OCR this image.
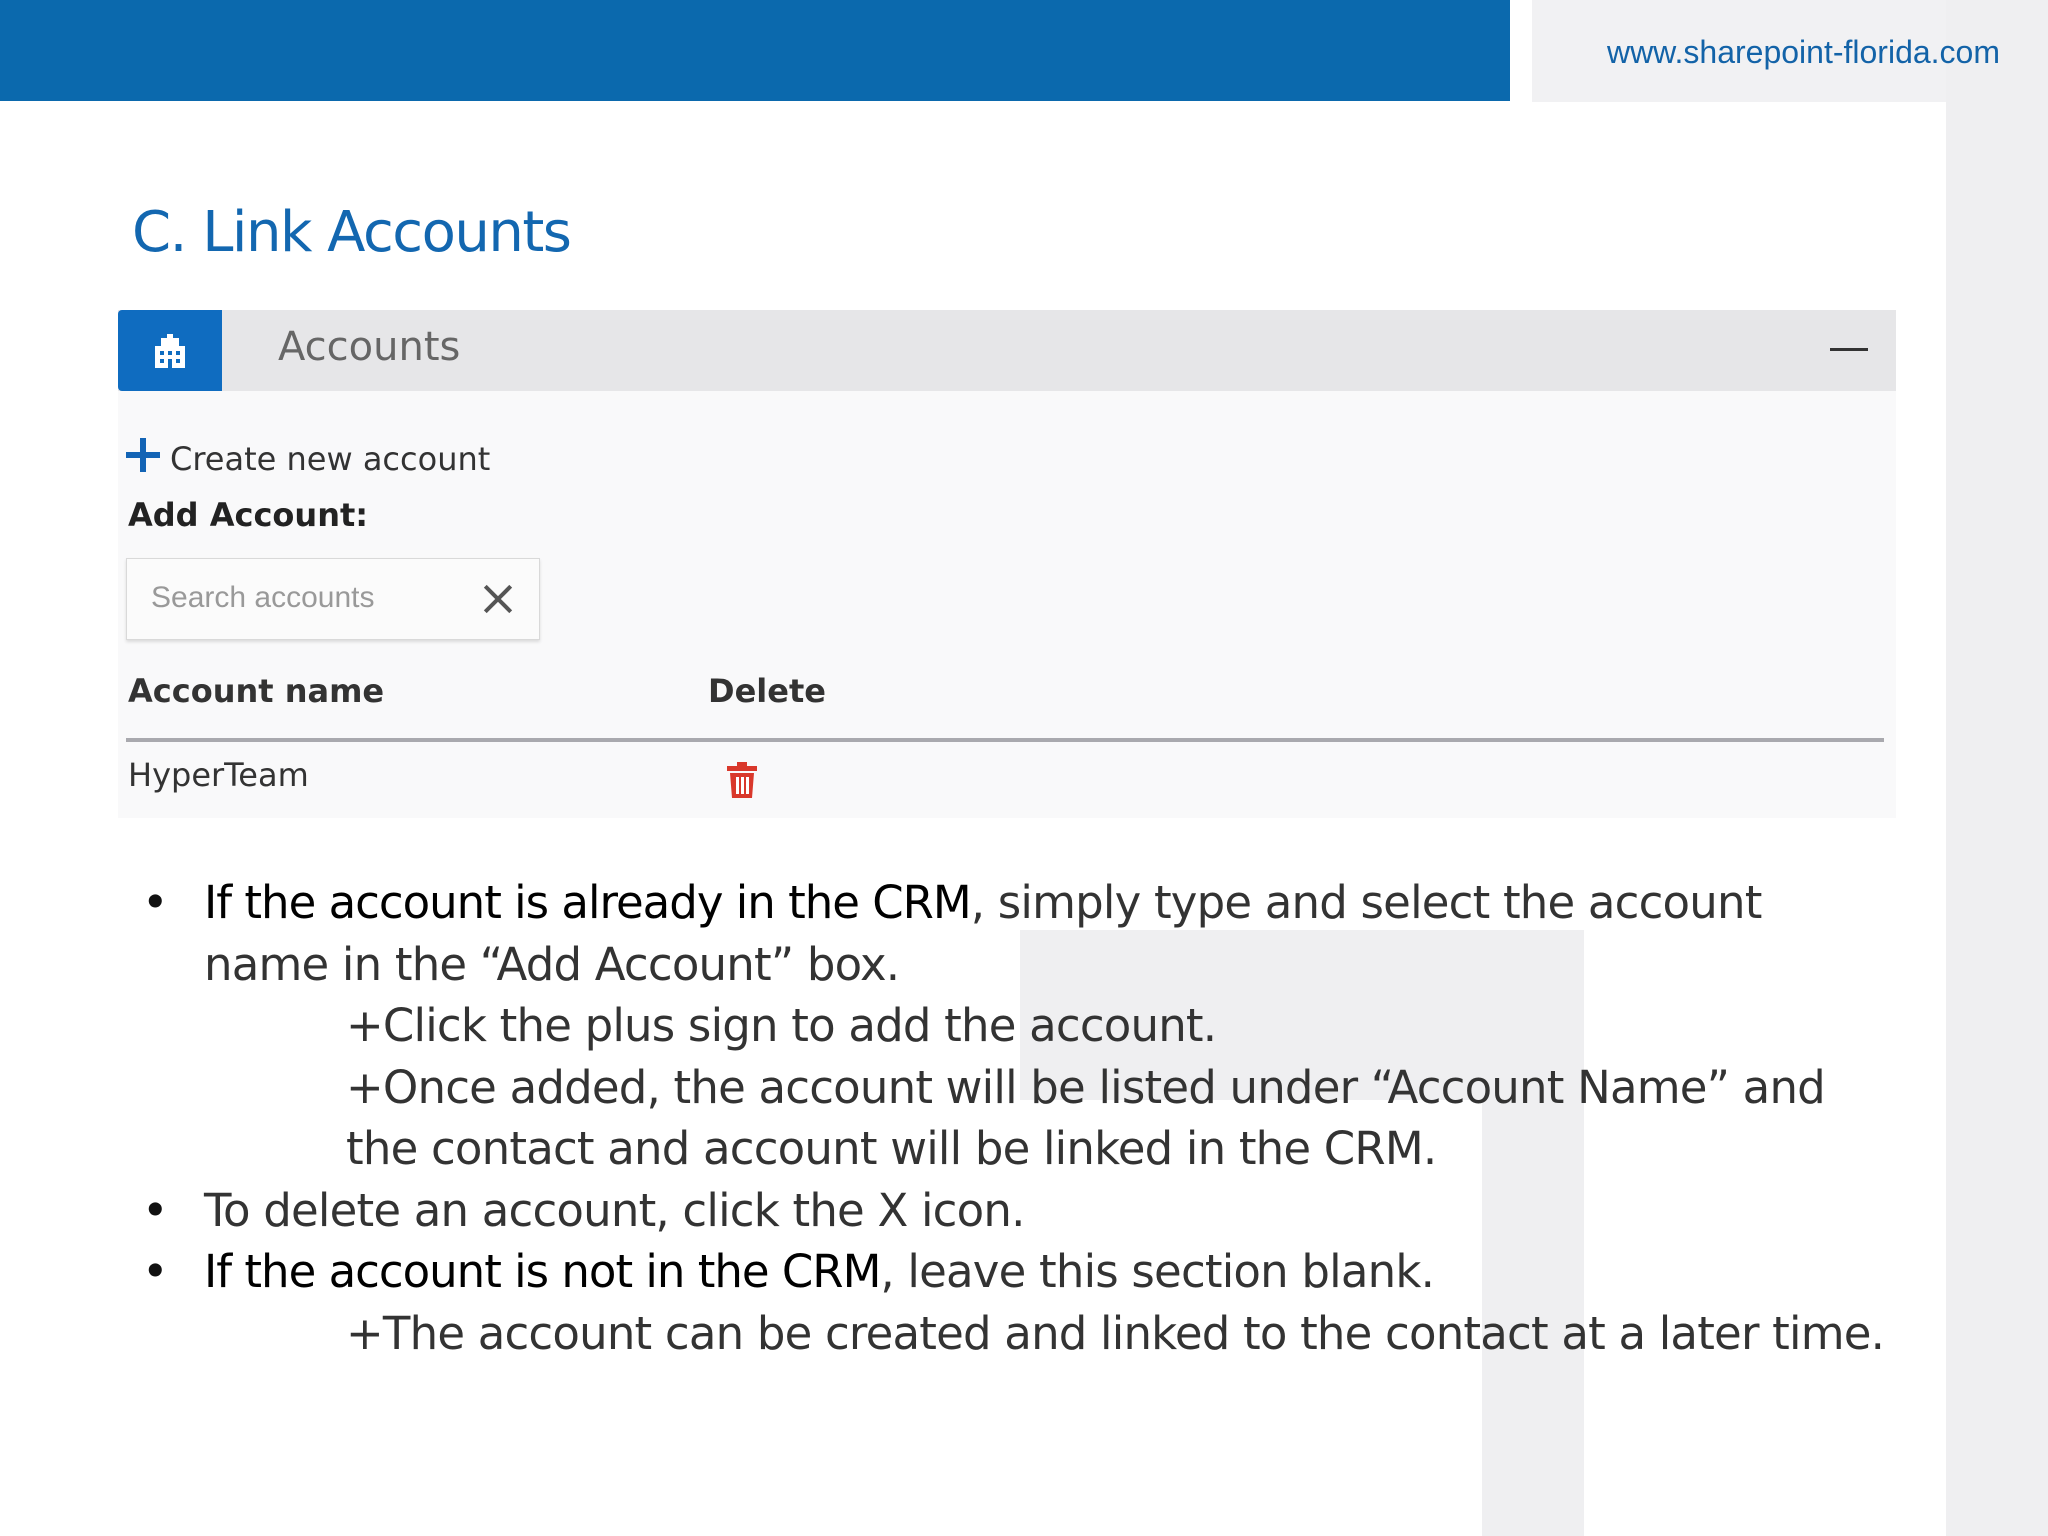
www.sharepoint-florida.com
C. Link Accounts
Accounts
Create new account
Add Account:
Search accounts
Account name	Delete
HyperTeam
• If the account is already in the CRM, simply type and select the account
name in the “Add Account” box.
+Click the plus sign to add the account.
+Once added, the account will be listed under “Account Name” and
the contact and account will be linked in the CRM.
• To delete an account, click the X icon.
• If the account is not in the CRM, leave this section blank.
+The account can be created and linked to the contact at a later time.
